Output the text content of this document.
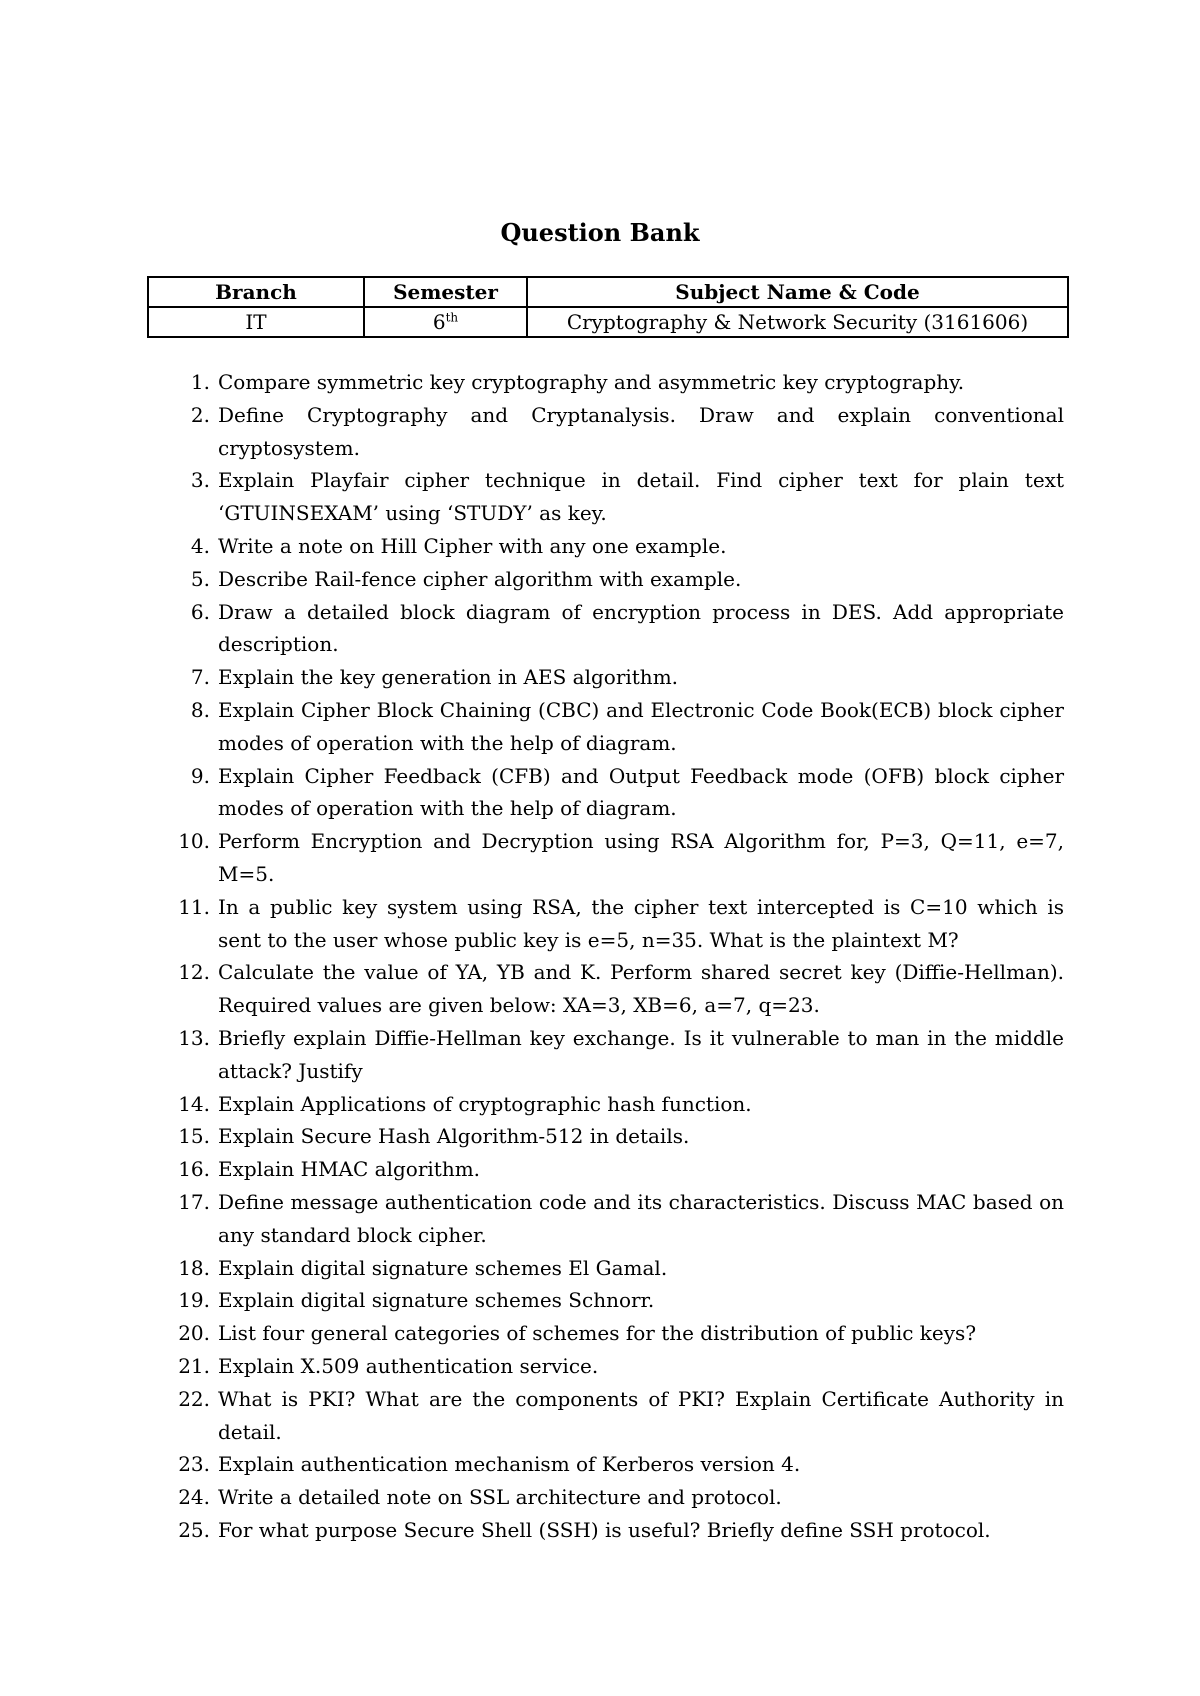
Question Bank
Branch	Semester	Subject Name & Code
IT	6th	Cryptography & Network Security (3161606)
1. Compare symmetric key cryptography and asymmetric key cryptography.
2. Define Cryptography and Cryptanalysis. Draw and explain conventional cryptosystem.
3. Explain Playfair cipher technique in detail. Find cipher text for plain text ‘GTUINSEXAM’ using ‘STUDY’ as key.
4. Write a note on Hill Cipher with any one example.
5. Describe Rail-fence cipher algorithm with example.
6. Draw a detailed block diagram of encryption process in DES. Add appropriate description.
7. Explain the key generation in AES algorithm.
8. Explain Cipher Block Chaining (CBC) and Electronic Code Book(ECB) block cipher modes of operation with the help of diagram.
9. Explain Cipher Feedback (CFB) and Output Feedback mode (OFB) block cipher modes of operation with the help of diagram.
10. Perform Encryption and Decryption using RSA Algorithm for, P=3, Q=11, e=7, M=5.
11. In a public key system using RSA, the cipher text intercepted is C=10 which is sent to the user whose public key is e=5, n=35. What is the plaintext M?
12. Calculate the value of YA, YB and K. Perform shared secret key (Diffie-Hellman). Required values are given below: XA=3, XB=6, a=7, q=23.
13. Briefly explain Diffie-Hellman key exchange. Is it vulnerable to man in the middle attack? Justify
14. Explain Applications of cryptographic hash function.
15. Explain Secure Hash Algorithm-512 in details.
16. Explain HMAC algorithm.
17. Define message authentication code and its characteristics. Discuss MAC based on any standard block cipher.
18. Explain digital signature schemes El Gamal.
19. Explain digital signature schemes Schnorr.
20. List four general categories of schemes for the distribution of public keys?
21. Explain X.509 authentication service.
22. What is PKI? What are the components of PKI? Explain Certificate Authority in detail.
23. Explain authentication mechanism of Kerberos version 4.
24. Write a detailed note on SSL architecture and protocol.
25. For what purpose Secure Shell (SSH) is useful? Briefly define SSH protocol.
